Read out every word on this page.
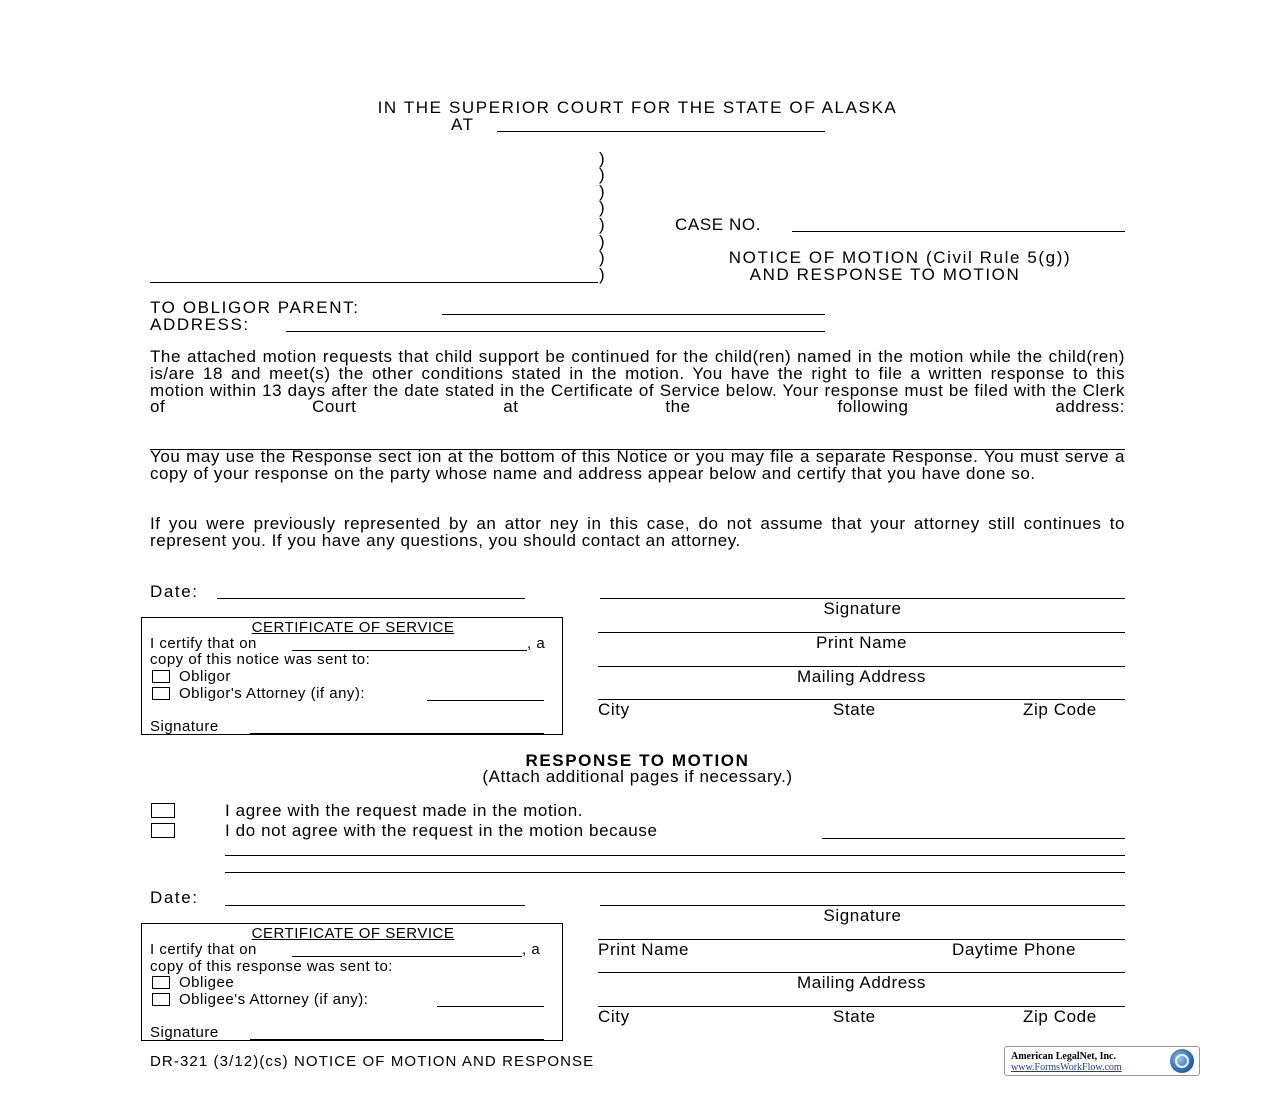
IN THE SUPERIOR COURT FOR THE STATE OF ALASKA
AT
)
)
)
)
)
)
)
)
CASE NO.
NOTICE OF MOTION (Civil Rule 5(g))
AND RESPONSE TO MOTION
TO OBLIGOR PARENT:
ADDRESS:
The attached motion requests that child support be continued for the child(ren) named in the motion while the child(ren) is/are 18 and meet(s) the other conditions stated in the motion. You have the right to file a written response to this motion within 13 days after the date stated in the Certificate of Service below. Your response must be filed with the Clerk of Court at the following address:
You may use the Response sect ion at the bottom of this Notice or you may file a separate Response. You must serve a copy of your response on the party whose name and address appear below and certify that you have done so.
If you were previously represented by an attor ney in this case, do not assume that your attorney still continues to represent you. If you have any questions, you should contact an attorney.
Date:
Signature
Print Name
Mailing Address
City	State	Zip Code
CERTIFICATE OF SERVICE
I certify that on	, a
copy of this notice was sent to:
Obligor
Obligor's Attorney (if any):
Signature
RESPONSE TO MOTION
(Attach additional pages if necessary.)
I agree with the request made in the motion.
I do not agree with the request in the motion because
Date:
Signature
Print Name	Daytime Phone
Mailing Address
City	State	Zip Code
CERTIFICATE OF SERVICE
I certify that on	, a
copy of this response was sent to:
Obligee
Obligee's Attorney (if any):
Signature
DR-321 (3/12)(cs) NOTICE OF MOTION AND RESPONSE	American LegalNet, Inc.
www.FormsWorkFlow.com
